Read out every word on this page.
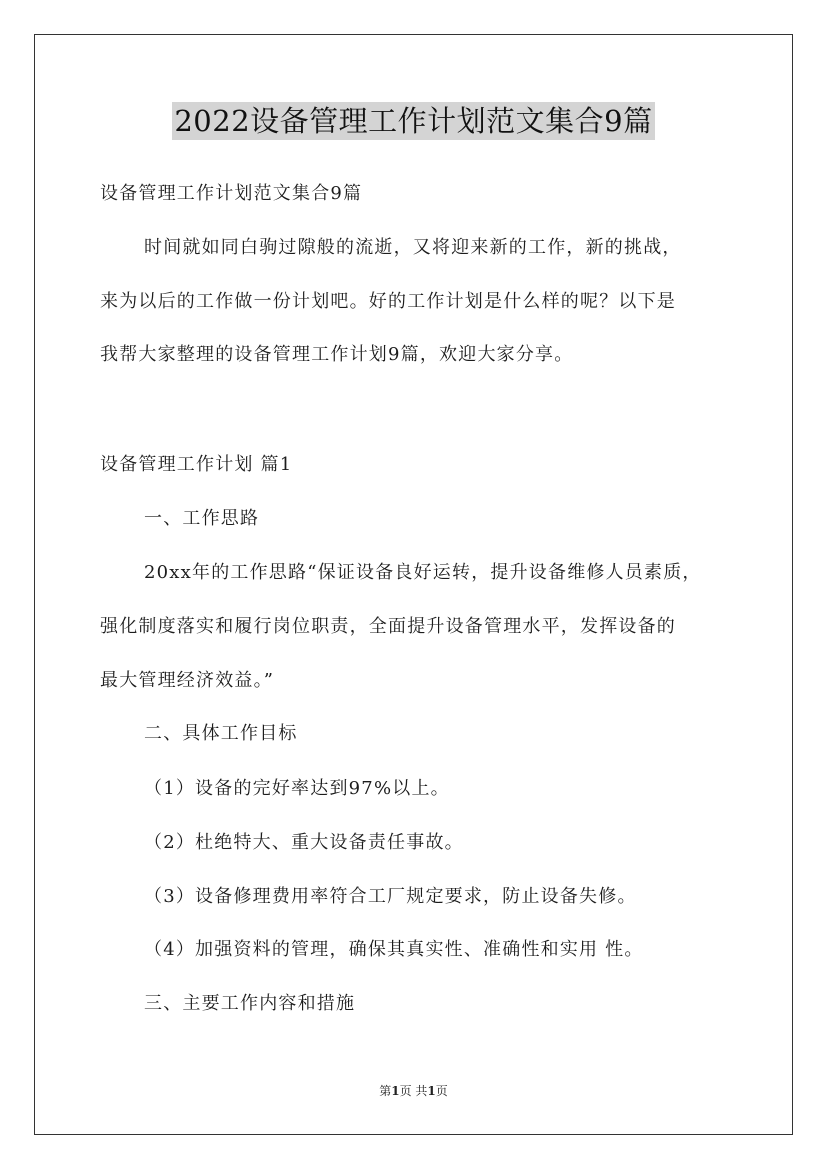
2022设备管理工作计划范文集合9篇
设备管理工作计划范文集合9篇
时间就如同白驹过隙般的流逝，又将迎来新的工作，新的挑战，
来为以后的工作做一份计划吧。好的工作计划是什么样的呢？以下是
我帮大家整理的设备管理工作计划9篇，欢迎大家分享。
设备管理工作计划 篇1
一、工作思路
20xx年的工作思路“保证设备良好运转，提升设备维修人员素质，
强化制度落实和履行岗位职责，全面提升设备管理水平，发挥设备的
最大管理经济效益。”
二、具体工作目标
（1）设备的完好率达到97%以上。
（2）杜绝特大、重大设备责任事故。
（3）设备修理费用率符合工厂规定要求，防止设备失修。
（4）加强资料的管理，确保其真实性、准确性和实用 性。
三、主要工作内容和措施
第1页 共1页
